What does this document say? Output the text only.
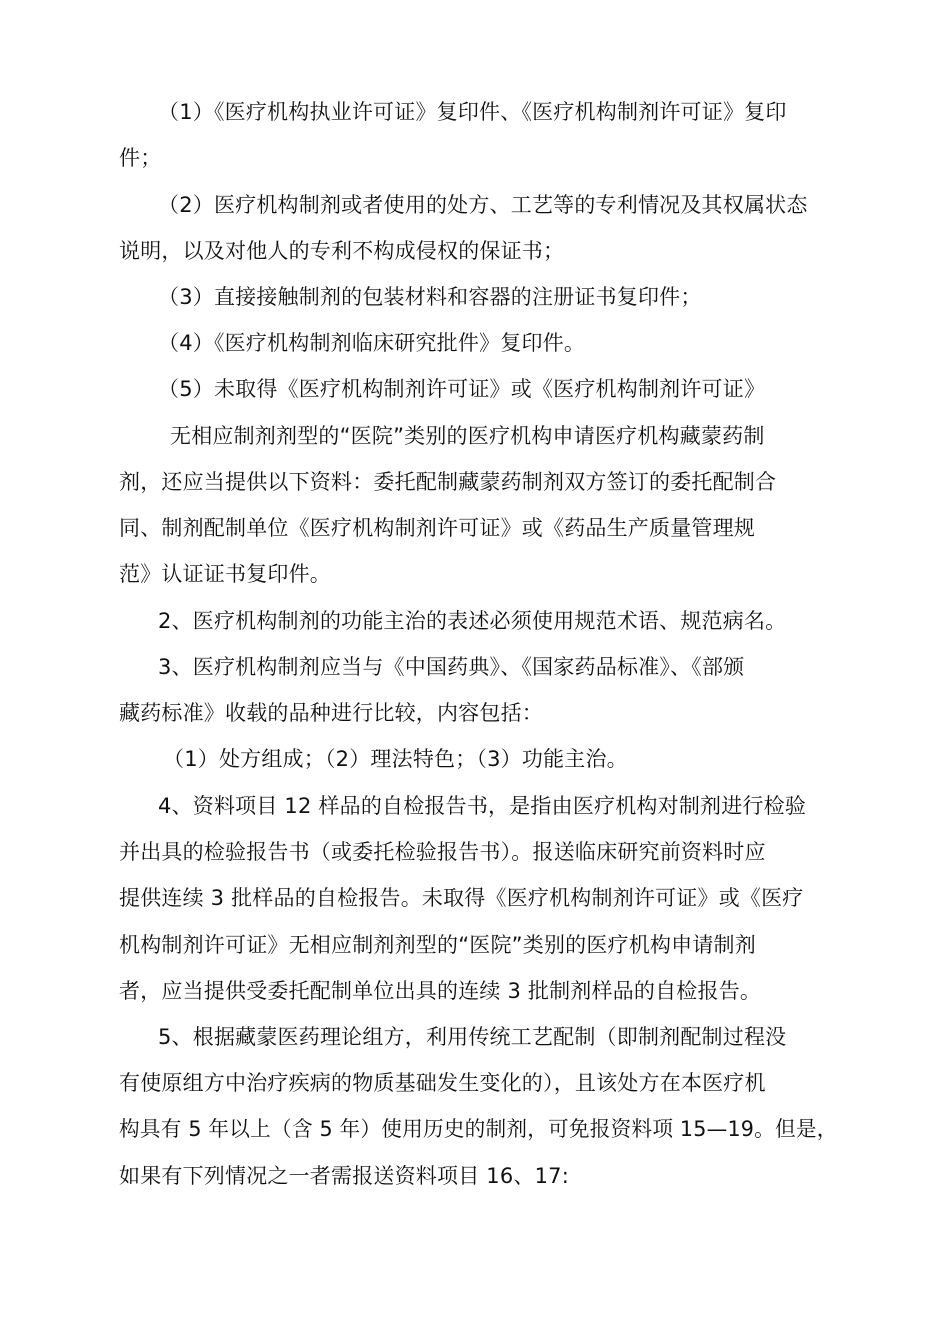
（1）《医疗机构执业许可证》复印件、《医疗机构制剂许可证》复印
件；
（2）医疗机构制剂或者使用的处方、工艺等的专利情况及其权属状态
说明，以及对他人的专利不构成侵权的保证书；
（3）直接接触制剂的包装材料和容器的注册证书复印件；
（4）《医疗机构制剂临床研究批件》复印件。
（5）未取得《医疗机构制剂许可证》或《医疗机构制剂许可证》
无相应制剂剂型的“医院”类别的医疗机构申请医疗机构藏蒙药制
剂，还应当提供以下资料：委托配制藏蒙药制剂双方签订的委托配制合
同、制剂配制单位《医疗机构制剂许可证》或《药品生产质量管理规
范》认证证书复印件。
2、医疗机构制剂的功能主治的表述必须使用规范术语、规范病名。
3、医疗机构制剂应当与《中国药典》、《国家药品标准》、《部颁
藏药标准》收载的品种进行比较，内容包括：
（1）处方组成；（2）理法特色；（3）功能主治。
4、资料项目 12 样品的自检报告书，是指由医疗机构对制剂进行检验
并出具的检验报告书（或委托检验报告书）。报送临床研究前资料时应
提供连续 3 批样品的自检报告。未取得《医疗机构制剂许可证》或《医疗
机构制剂许可证》无相应制剂剂型的“医院”类别的医疗机构申请制剂
者，应当提供受委托配制单位出具的连续 3 批制剂样品的自检报告。
5、根据藏蒙医药理论组方，利用传统工艺配制（即制剂配制过程没
有使原组方中治疗疾病的物质基础发生变化的），且该处方在本医疗机
构具有 5 年以上（含 5 年）使用历史的制剂，可免报资料项 15—19。但是，
如果有下列情况之一者需报送资料项目 16、17:
